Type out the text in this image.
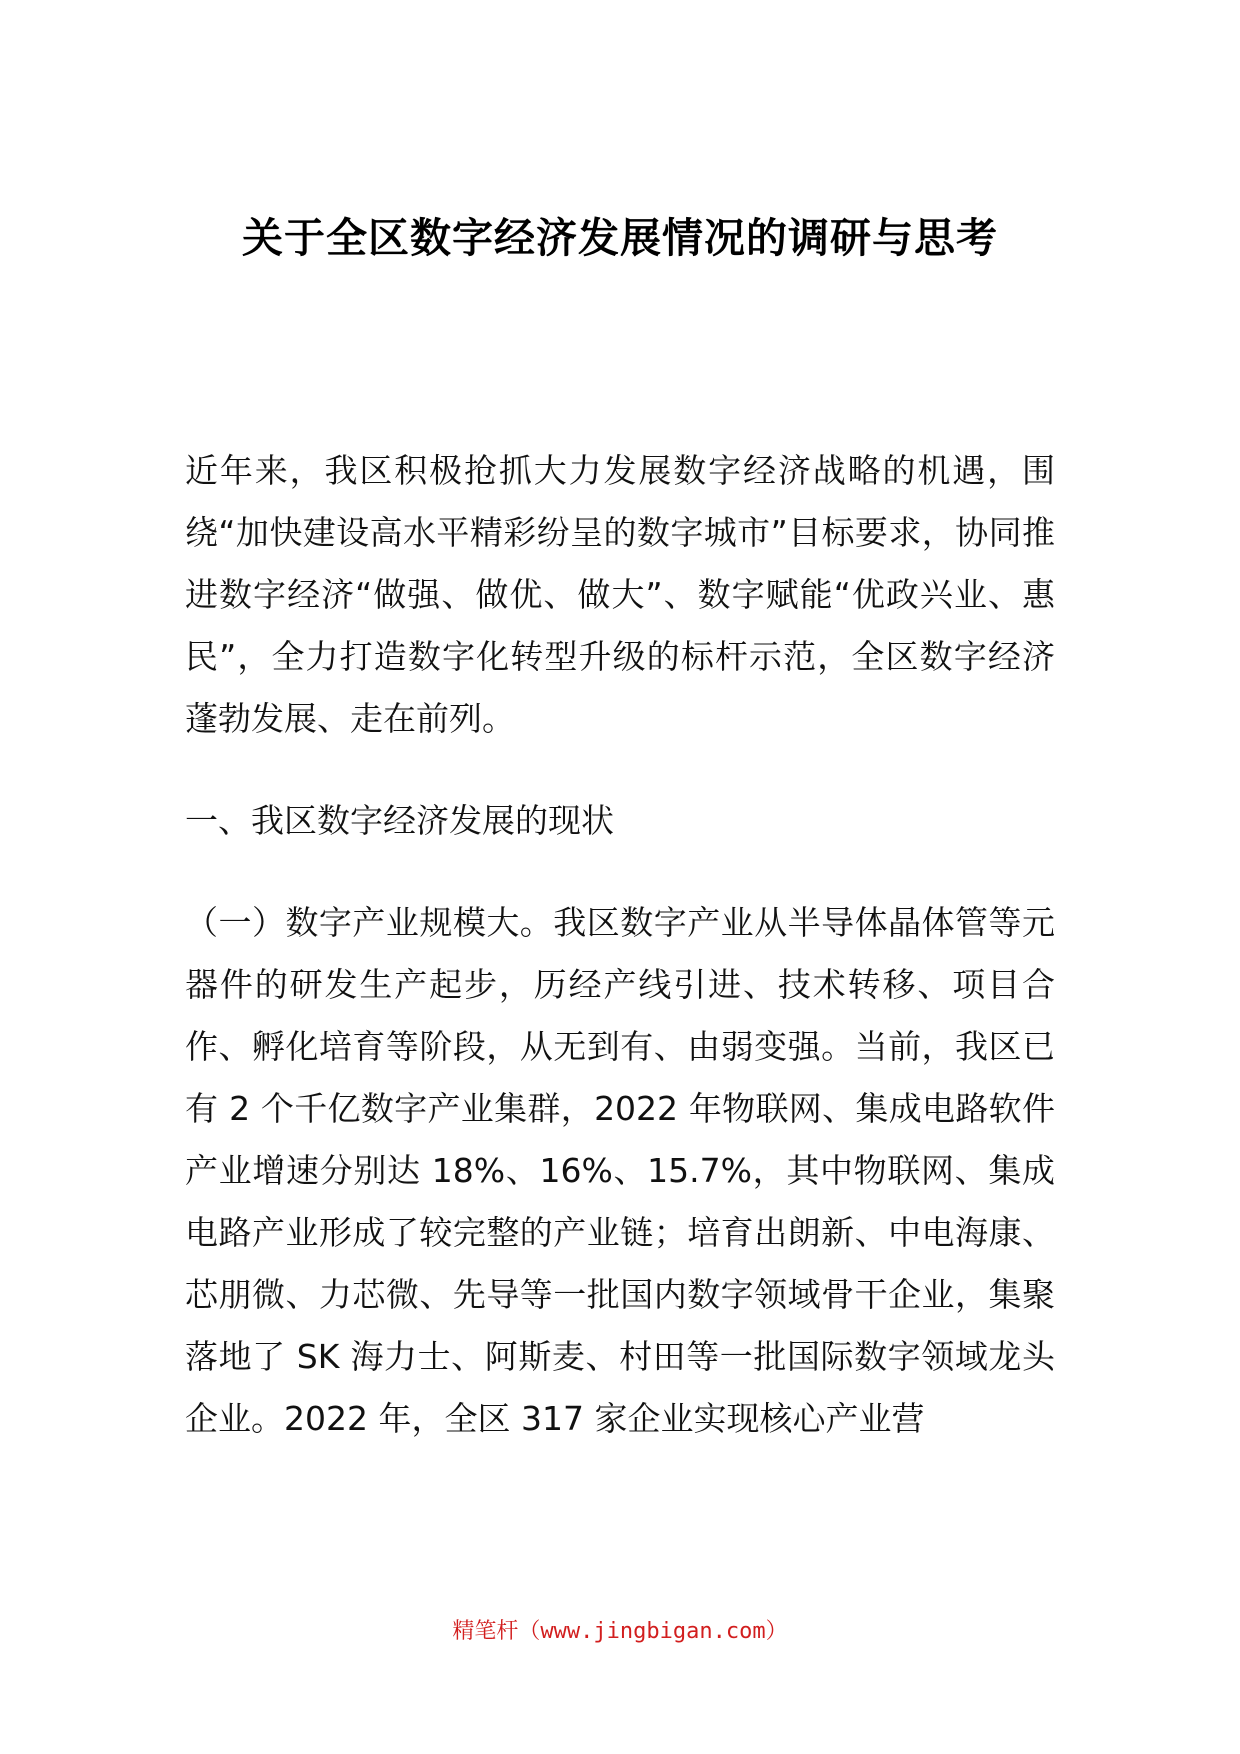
关于全区数字经济发展情况的调研与思考

近年来，我区积极抢抓大力发展数字经济战略的机遇，围绕“加快建设高水平精彩纷呈的数字城市”目标要求，协同推进数字经济“做强、做优、做大”、数字赋能“优政兴业、惠民”，全力打造数字化转型升级的标杆示范，全区数字经济蓬勃发展、走在前列。

一、我区数字经济发展的现状

（一）数字产业规模大。我区数字产业从半导体晶体管等元器件的研发生产起步，历经产线引进、技术转移、项目合作、孵化培育等阶段，从无到有、由弱变强。当前，我区已有 2 个千亿数字产业集群，2022 年物联网、集成电路软件产业增速分别达 18%、16%、15.7%，其中物联网、集成电路产业形成了较完整的产业链；培育出朗新、中电海康、芯朋微、力芯微、先导等一批国内数字领域骨干企业，集聚落地了 SK 海力士、阿斯麦、村田等一批国际数字领域龙头企业。2022 年，全区 317 家企业实现核心产业营

精笔杆（www.jingbigan.com）
